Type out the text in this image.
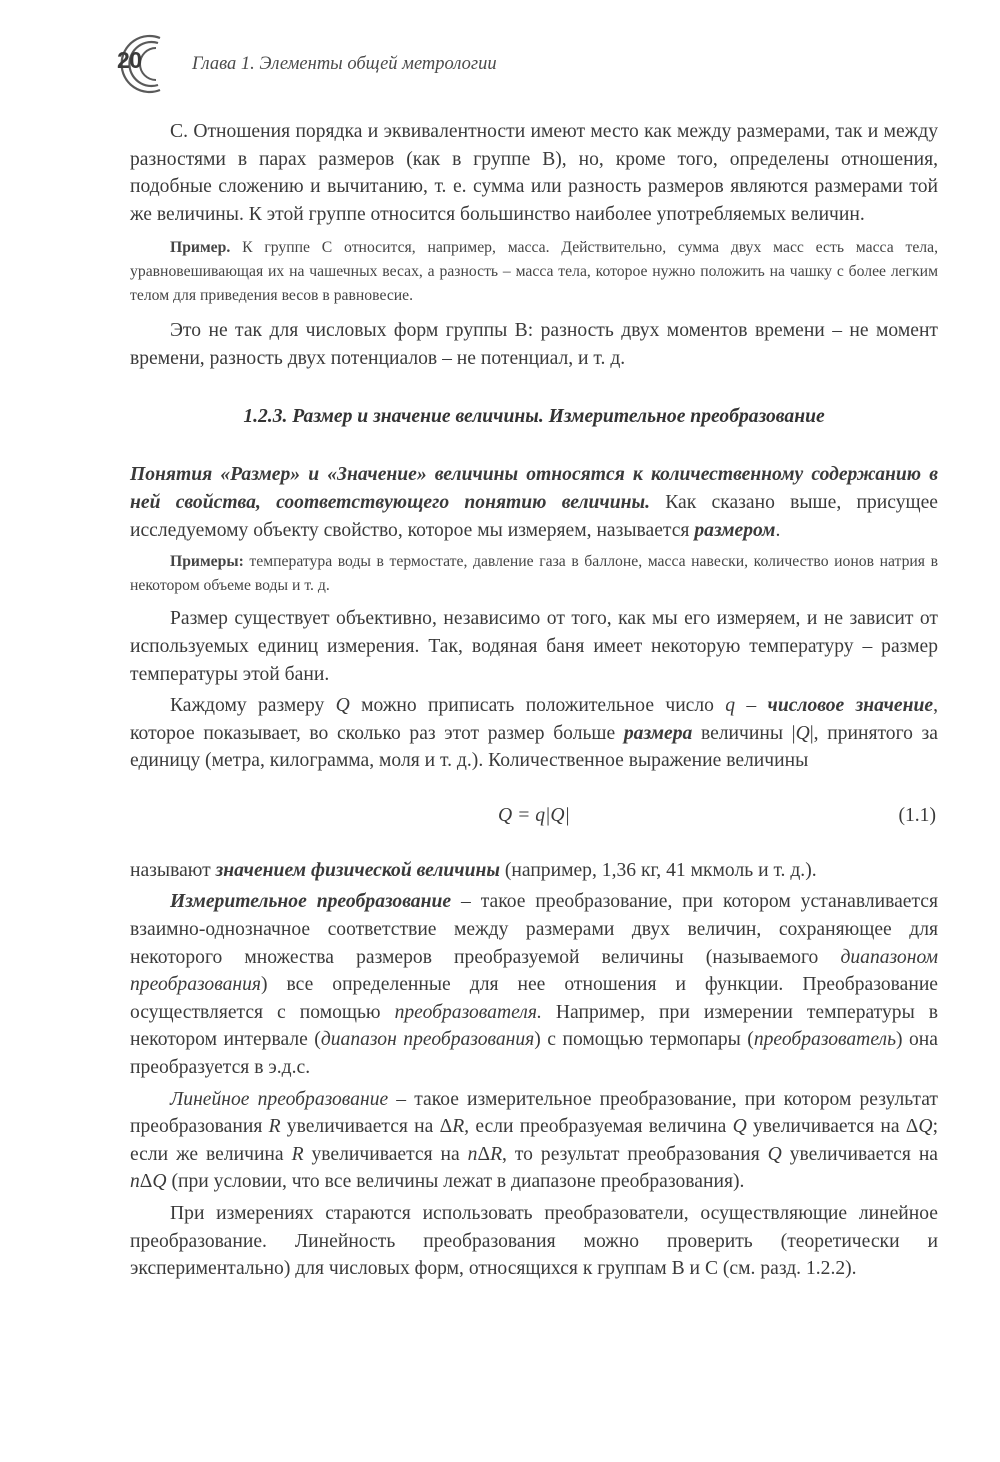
20	Глава 1. Элементы общей метрологии

С. Отношения порядка и эквивалентности имеют место как между размерами, так и между разностями в парах размеров (как в группе В), но, кроме того, определены отношения, подобные сложению и вычитанию, т. е. сумма или разность размеров являются размерами той же величины. К этой группе относится большинство наиболее употребляемых величин.

Пример. К группе С относится, например, масса. Действительно, сумма двух масс есть масса тела, уравновешивающая их на чашечных весах, а разность – масса тела, которое нужно положить на чашку с более легким телом для приведения весов в равновесие.

Это не так для числовых форм группы В: разность двух моментов времени – не момент времени, разность двух потенциалов – не потенциал, и т. д.

1.2.3. Размер и значение величины. Измерительное преобразование

Понятия «Размер» и «Значение» величины относятся к количественному содержанию в ней свойства, соответствующего понятию величины. Как сказано выше, присущее исследуемому объекту свойство, которое мы измеряем, называется размером.

Примеры: температура воды в термостате, давление газа в баллоне, масса навески, количество ионов натрия в некотором объеме воды и т. д.

Размер существует объективно, независимо от того, как мы его измеряем, и не зависит от используемых единиц измерения. Так, водяная баня имеет некоторую температуру – размер температуры этой бани.

Каждому размеру Q можно приписать положительное число q – числовое значение, которое показывает, во сколько раз этот размер больше размера величины |Q|, принятого за единицу (метра, килограмма, моля и т. д.). Количественное выражение величины

Q = q|Q|	(1.1)

называют значением физической величины (например, 1,36 кг, 41 мкмоль и т. д.).

Измерительное преобразование – такое преобразование, при котором устанавливается взаимно-однозначное соответствие между размерами двух величин, сохраняющее для некоторого множества размеров преобразуемой величины (называемого диапазоном преобразования) все определенные для нее отношения и функции. Преобразование осуществляется с помощью преобразователя. Например, при измерении температуры в некотором интервале (диапазон преобразования) с помощью термопары (преобразователь) она преобразуется в э.д.с.

Линейное преобразование – такое измерительное преобразование, при котором результат преобразования R увеличивается на ΔR, если преобразуемая величина Q увеличивается на ΔQ; если же величина R увеличивается на nΔR, то результат преобразования Q увеличивается на nΔQ (при условии, что все величины лежат в диапазоне преобразования).

При измерениях стараются использовать преобразователи, осуществляющие линейное преобразование. Линейность преобразования можно проверить (теоретически и экспериментально) для числовых форм, относящихся к группам В и С (см. разд. 1.2.2).
